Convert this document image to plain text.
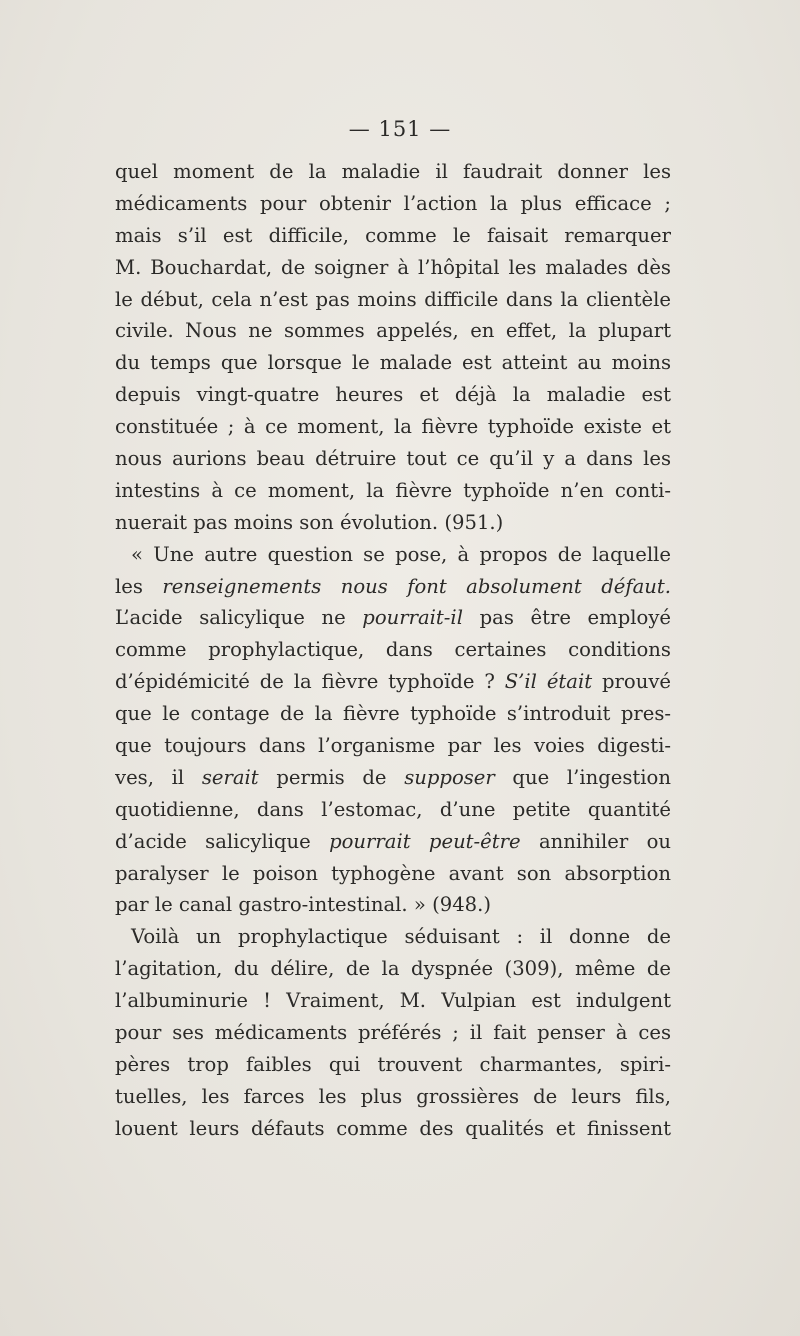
— 151 —
quel moment de la maladie il faudrait donner les
médicaments pour obtenir l’action la plus efficace ;
mais s’il est difficile, comme le faisait remarquer
M. Bouchardat, de soigner à l’hôpital les malades dès
le début, cela n’est pas moins difficile dans la clientèle
civile. Nous ne sommes appelés, en effet, la plupart
du temps que lorsque le malade est atteint au moins
depuis vingt-quatre heures et déjà la maladie est
constituée ; à ce moment, la fièvre typhoïde existe et
nous aurions beau détruire tout ce qu’il y a dans les
intestins à ce moment, la fièvre typhoïde n’en conti-
nuerait pas moins son évolution. (951.)
« Une autre question se pose, à propos de laquelle
les renseignements nous font absolument défaut.
L’acide salicylique ne pourrait-il pas être employé
comme prophylactique, dans certaines conditions
d’épidémicité de la fièvre typhoïde ? S’il était prouvé
que le contage de la fièvre typhoïde s’introduit pres-
que toujours dans l’organisme par les voies digesti-
ves, il serait permis de supposer que l’ingestion
quotidienne, dans l’estomac, d’une petite quantité
d’acide salicylique pourrait peut-être annihiler ou
paralyser le poison typhogène avant son absorption
par le canal gastro-intestinal. » (948.)
Voilà un prophylactique séduisant : il donne de
l’agitation, du délire, de la dyspnée (309), même de
l’albuminurie ! Vraiment, M. Vulpian est indulgent
pour ses médicaments préférés ; il fait penser à ces
pères trop faibles qui trouvent charmantes, spiri-
tuelles, les farces les plus grossières de leurs fils,
louent leurs défauts comme des qualités et finissent
